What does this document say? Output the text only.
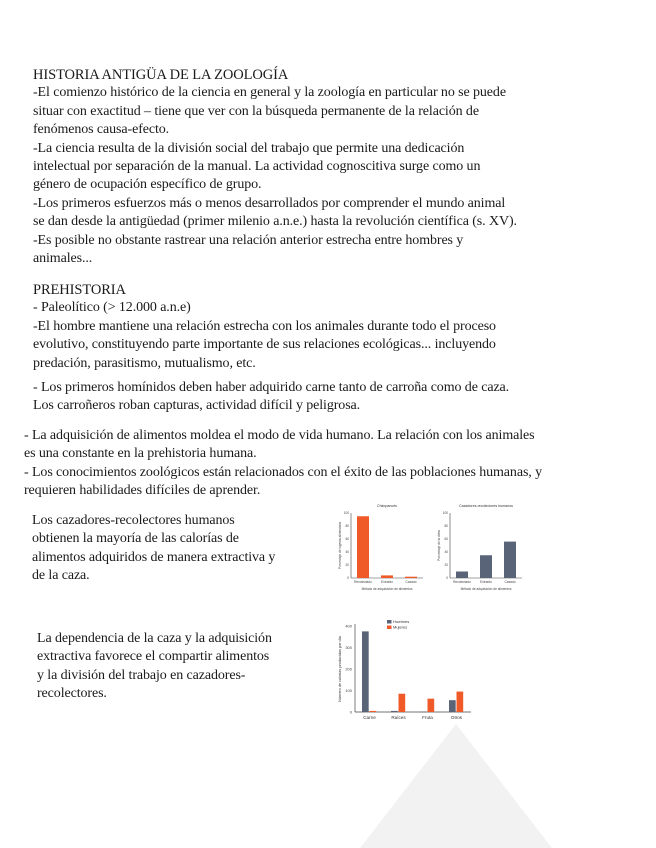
HISTORIA ANTIGÜA DE LA ZOOLOGÍA
-El comienzo histórico de la ciencia en general y la zoología en particular no se puede
situar con exactitud – tiene que ver con la búsqueda permanente de la relación de
fenómenos causa-efecto.
-La ciencia resulta de la división social del trabajo que permite una dedicación
intelectual por separación de la manual. La actividad cognoscitiva surge como un
género de ocupación específico de grupo.
-Los primeros esfuerzos más o menos desarrollados por comprender el mundo animal
se dan desde la antigüedad (primer milenio a.n.e.) hasta la revolución científica (s. XV).
-Es posible no obstante rastrear una relación anterior estrecha entre hombres y
animales...
PREHISTORIA
- Paleolítico (> 12.000 a.n.e)
-El hombre mantiene una relación estrecha con los animales durante todo el proceso
evolutivo, constituyendo parte importante de sus relaciones ecológicas... incluyendo
predación, parasitismo, mutualismo, etc.
- Los primeros homínidos deben haber adquirido carne tanto de carroña como de caza.
Los carroñeros roban capturas, actividad difícil y peligrosa.
- La adquisición de alimentos moldea el modo de vida humano. La relación con los animales
es una constante en la prehistoria humana.
- Los conocimientos zoológicos están relacionados con el éxito de las poblaciones humanas, y
requieren habilidades difíciles de aprender.
Los cazadores-recolectores humanos
obtienen la mayoría de las calorías de
alimentos adquiridos de manera extractiva y
de la caza.
La dependencia de la caza y la adquisición
extractiva favorece el compartir alimentos
y la división del trabajo en cazadores-
recolectores.
Chimpancés
0
20
40
60
80
100
Recolectado	Extraído	Cazado
Método de adquisición de alimentos
Porcentaje de ingesta alimentaria
Cazadores-recolectores humanos
0
20
40
60
80
100
Recolectado	Extraído	Cazado
Método de adquisición de alimentos
Porcentaje de la dieta
0
100
200
300
400
Carne	Raíces	Fruta	Otros
Hombres
Mujeres
Número de calorías producidas por día
